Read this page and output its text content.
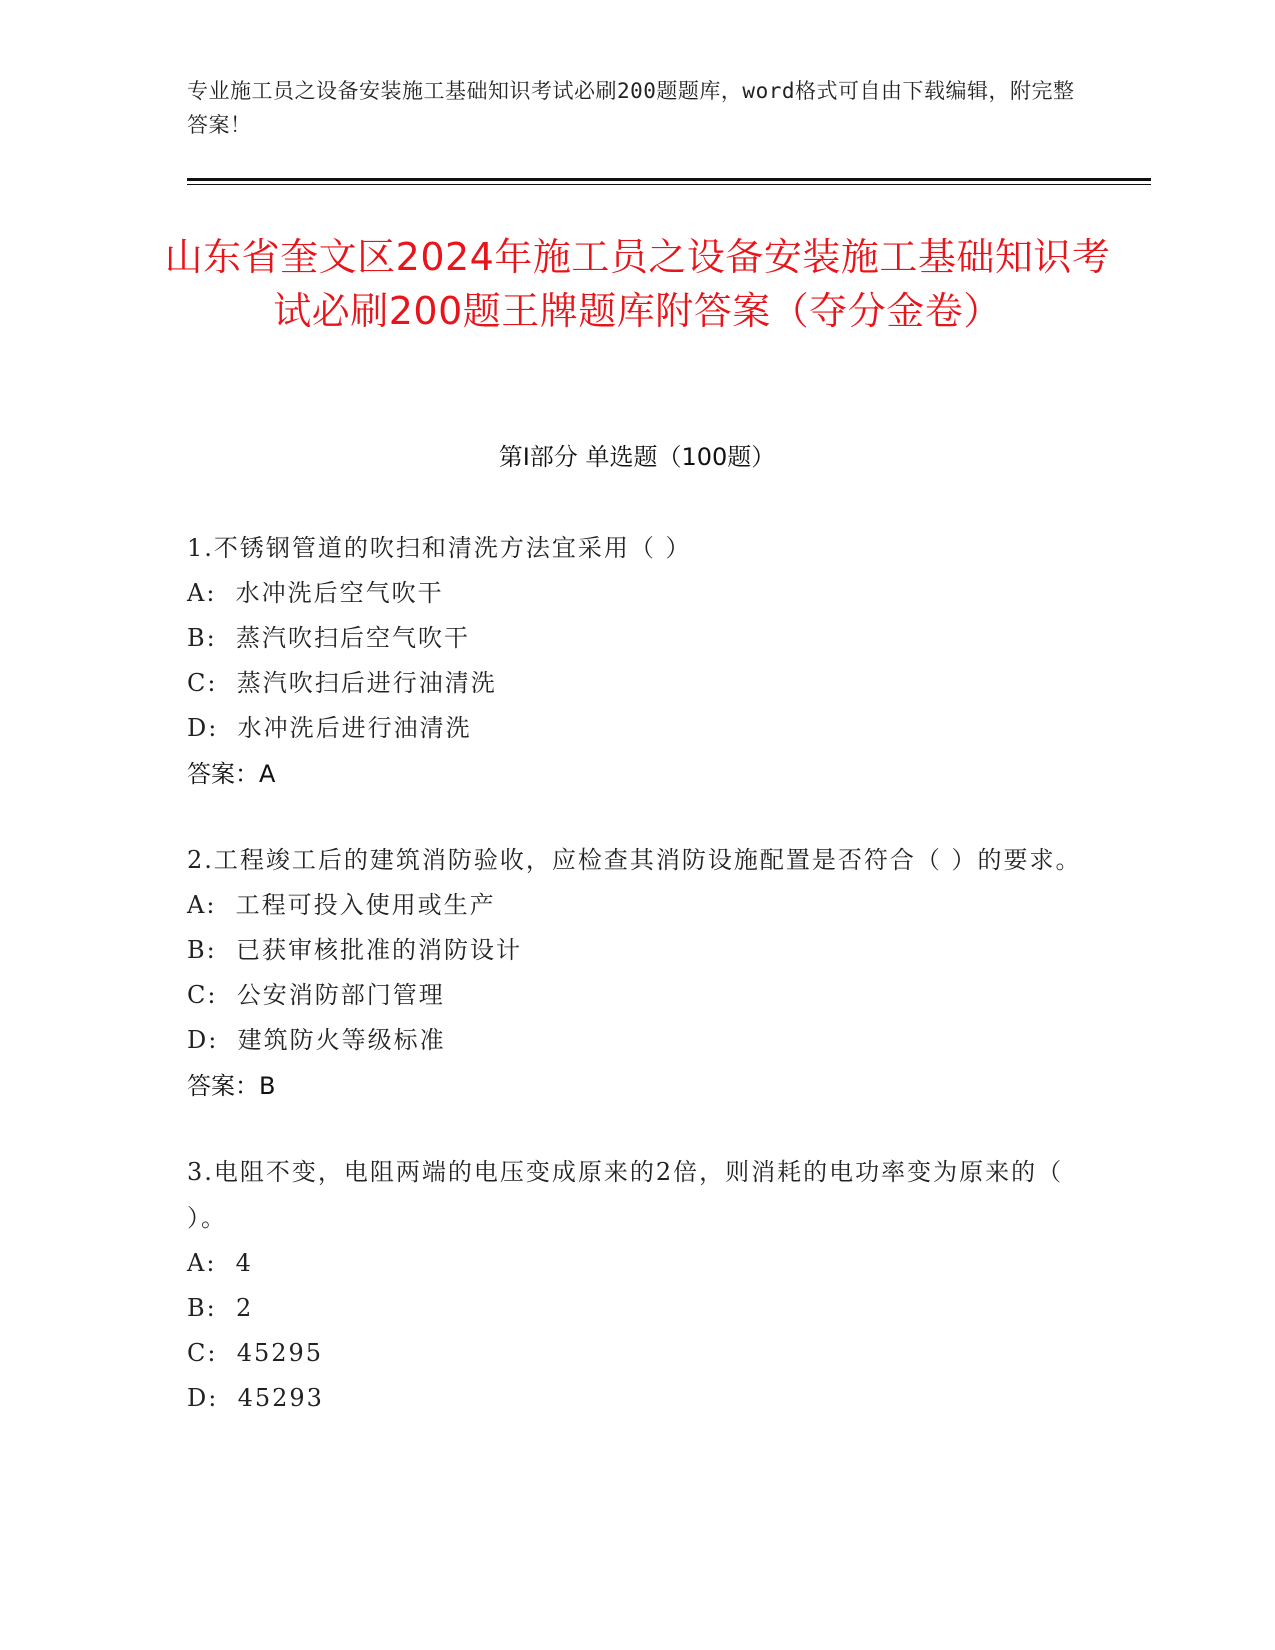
专业施工员之设备安装施工基础知识考试必刷200题题库，word格式可自由下载编辑，附完整答案！
山东省奎文区2024年施工员之设备安装施工基础知识考试必刷200题王牌题库附答案（夺分金卷）
第I部分 单选题（100题）
1.不锈钢管道的吹扫和清洗方法宜采用（ ）
A:  水冲洗后空气吹干
B:  蒸汽吹扫后空气吹干
C:  蒸汽吹扫后进行油清洗
D:  水冲洗后进行油清洗
答案：A
2.工程竣工后的建筑消防验收，应检查其消防设施配置是否符合（ ）的要求。
A:  工程可投入使用或生产
B:  已获审核批准的消防设计
C:  公安消防部门管理
D:  建筑防火等级标准
答案：B
3.电阻不变，电阻两端的电压变成原来的2倍，则消耗的电功率变为原来的（ ）。
A:  4
B:  2
C:  45295
D:  45293
